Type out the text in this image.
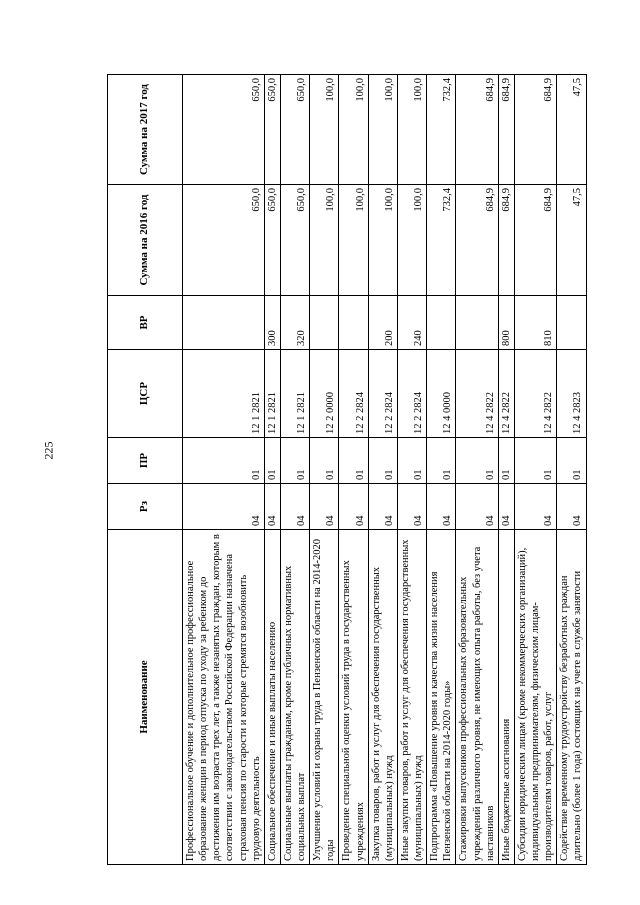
225
Наименование	Рз	ПР	ЦСР	ВР	Сумма на 2016 год	Сумма на 2017 год
Профессиональное обучение и дополнительное профессиональное образование женщин в период отпуска по уходу за ребенком до достижения им возраста трех лет, а также незанятых граждан, которым в соответствии с законодательством Российской Федерации назначена страховая пенсия по старости и которые стремятся возобновить трудовую деятельность	04	01	12 1 2821		650,0	650,0
Социальное обеспечение и иные выплаты населению	04	01	12 1 2821	300	650,0	650,0
Социальные выплаты гражданам, кроме публичных нормативных социальных выплат	04	01	12 1 2821	320	650,0	650,0
Улучшение условий и охраны труда в Пензенской области на 2014-2020 годы	04	01	12 2 0000		100,0	100,0
Проведение специальной оценки условий труда в государственных учреждениях	04	01	12 2 2824		100,0	100,0
Закупка товаров, работ и услуг для обеспечения государственных (муниципальных) нужд	04	01	12 2 2824	200	100,0	100,0
Иные закупки товаров, работ и услуг для обеспечения государственных (муниципальных) нужд	04	01	12 2 2824	240	100,0	100,0
Подпрограмма «Повышение уровня и качества жизни населения Пензенской области на 2014-2020 годы»	04	01	12 4 0000		732,4	732,4
Стажировки выпускников профессиональных образовательных учреждений различного уровня, не имеющих опыта работы, без учета наставников	04	01	12 4 2822		684,9	684,9
Иные бюджетные ассигнования	04	01	12 4 2822	800	684,9	684,9
Субсидии юридическим лицам (кроме некоммерческих организаций), индивидуальным предпринимателям, физическим лицам-производителям товаров, работ, услуг	04	01	12 4 2822	810	684,9	684,9
Содействие временному трудоустройству безработных граждан длительно (более 1 года) состоящих на учете в службе занятости	04	01	12 4 2823		47,5	47,5
